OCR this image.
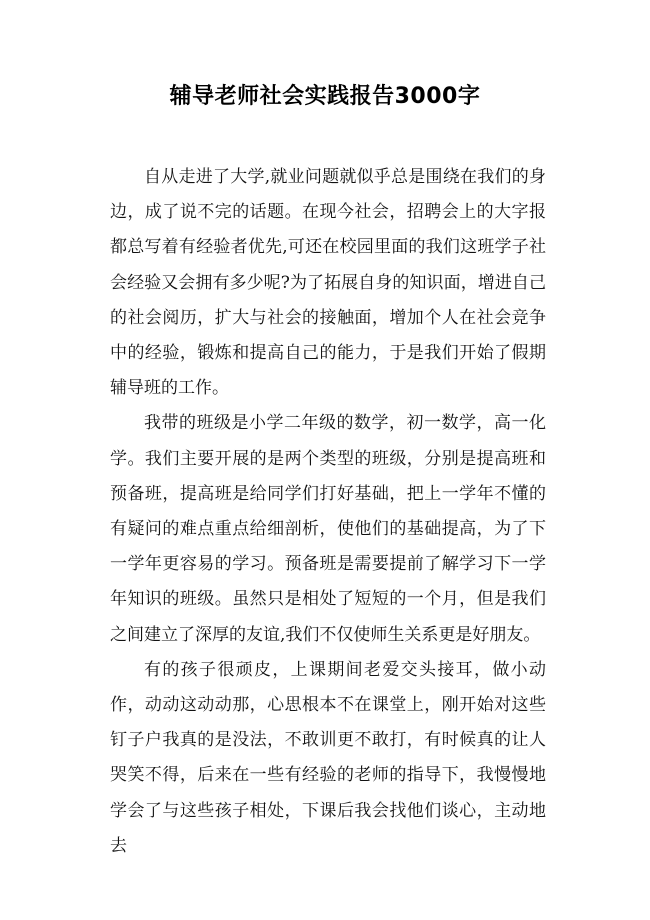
辅导老师社会实践报告3000字

自从走进了大学,就业问题就似乎总是围绕在我们的身边，成了说不完的话题。在现今社会，招聘会上的大字报都总写着有经验者优先,可还在校园里面的我们这班学子社会经验又会拥有多少呢?为了拓展自身的知识面，增进自己的社会阅历，扩大与社会的接触面，增加个人在社会竞争中的经验，锻炼和提高自己的能力，于是我们开始了假期辅导班的工作。

我带的班级是小学二年级的数学，初一数学，高一化学。我们主要开展的是两个类型的班级，分别是提高班和预备班，提高班是给同学们打好基础，把上一学年不懂的有疑问的难点重点给细剖析，使他们的基础提高，为了下一学年更容易的学习。预备班是需要提前了解学习下一学年知识的班级。虽然只是相处了短短的一个月，但是我们之间建立了深厚的友谊,我们不仅使师生关系更是好朋友。

有的孩子很顽皮，上课期间老爱交头接耳，做小动作，动动这动动那，心思根本不在课堂上，刚开始对这些钉子户我真的是没法，不敢训更不敢打，有时候真的让人哭笑不得，后来在一些有经验的老师的指导下，我慢慢地学会了与这些孩子相处，下课后我会找他们谈心，主动地去
